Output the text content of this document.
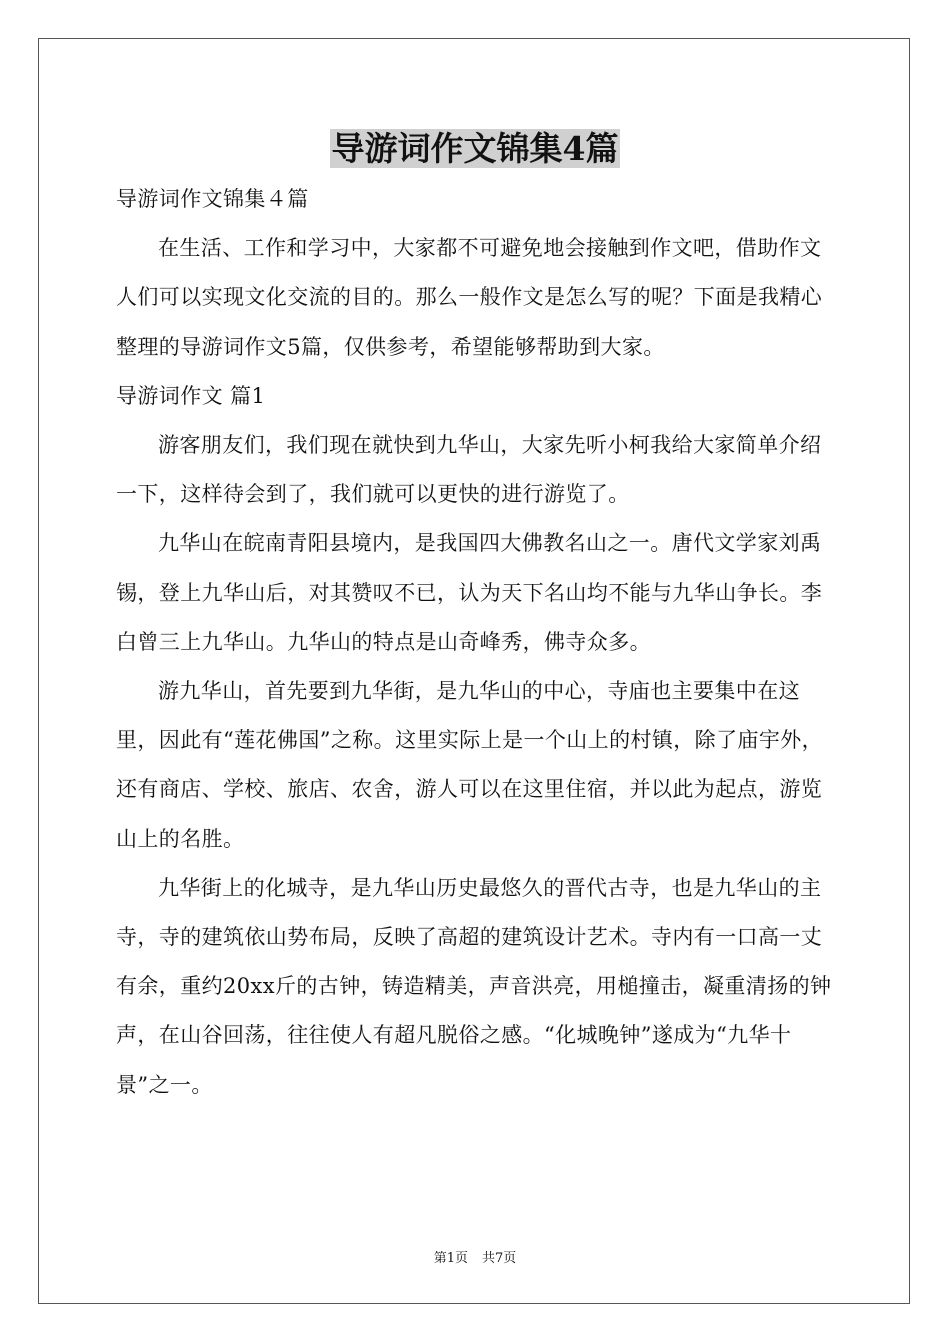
导游词作文锦集4篇

导游词作文锦集４篇

在生活、工作和学习中，大家都不可避免地会接触到作文吧，借助作文人们可以实现文化交流的目的。那么一般作文是怎么写的呢？下面是我精心整理的导游词作文5篇，仅供参考，希望能够帮助到大家。

导游词作文 篇1

游客朋友们，我们现在就快到九华山，大家先听小柯我给大家简单介绍一下，这样待会到了，我们就可以更快的进行游览了。

九华山在皖南青阳县境内，是我国四大佛教名山之一。唐代文学家刘禹锡，登上九华山后，对其赞叹不已，认为天下名山均不能与九华山争长。李白曾三上九华山。九华山的特点是山奇峰秀，佛寺众多。

游九华山，首先要到九华街，是九华山的中心，寺庙也主要集中在这里，因此有“莲花佛国”之称。这里实际上是一个山上的村镇，除了庙宇外，还有商店、学校、旅店、农舍，游人可以在这里住宿，并以此为起点，游览山上的名胜。

九华街上的化城寺，是九华山历史最悠久的晋代古寺，也是九华山的主寺，寺的建筑依山势布局，反映了高超的建筑设计艺术。寺内有一口高一丈有余，重约20xx斤的古钟，铸造精美，声音洪亮，用槌撞击，凝重清扬的钟声，在山谷回荡，往往使人有超凡脱俗之感。“化城晚钟”遂成为“九华十景”之一。

第1页 共7页
